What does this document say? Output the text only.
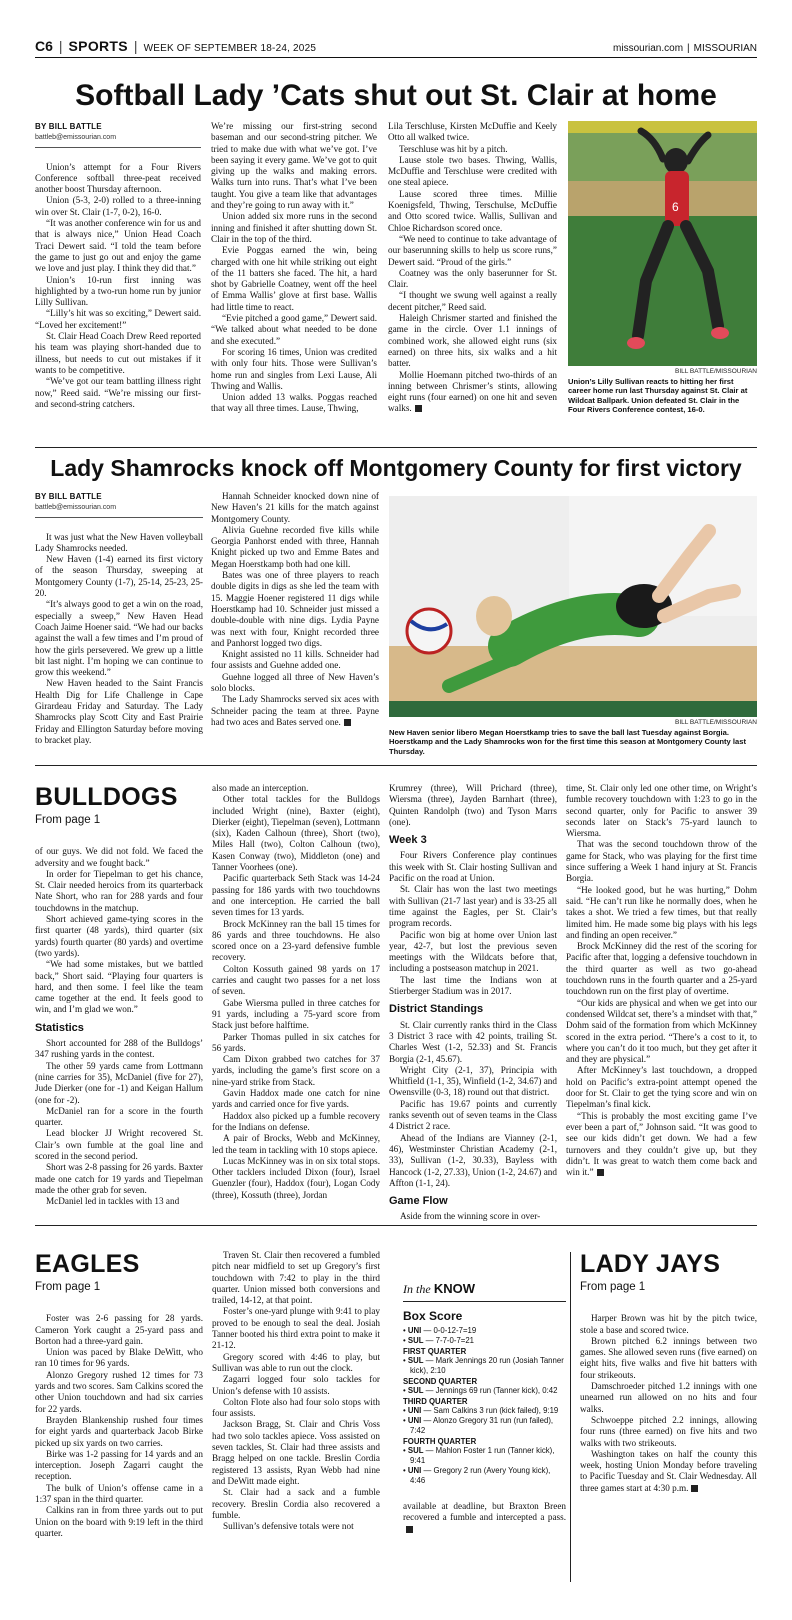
C6 | SPORTS | WEEK OF SEPTEMBER 18-24, 2025	missourian.com | MISSOURIAN
Softball Lady ’Cats shut out St. Clair at home
BY BILL BATTLE
battleb@emissourian.com

Union’s attempt for a Four Rivers Conference softball three-peat received another boost Thursday afternoon.

Union (5-3, 2-0) rolled to a three-inning win over St. Clair (1-7, 0-2), 16-0.

“It was another conference win for us and that is always nice,” Union Head Coach Traci Dewert said. “I told the team before the game to just go out and enjoy the game we love and just play. I think they did that.”

Union’s 10-run first inning was highlighted by a two-run home run by junior Lilly Sullivan.

“Lilly’s hit was so exciting,” Dewert said. “Loved her excitement!”

St. Clair Head Coach Drew Reed reported his team was playing short-handed due to illness, but needs to cut out mistakes if it wants to be competitive.

“We’ve got our team battling illness right now,” Reed said. “We’re missing our first- and second-string catchers.

We’re missing our first-string second baseman and our second-string pitcher. We tried to make due with what we’ve got. I’ve been saying it every game. We’ve got to quit giving up the walks and making errors. Walks turn into runs. That’s what I’ve been taught. You give a team like that advantages and they’re going to run away with it.”

Union added six more runs in the second inning and finished it after shutting down St. Clair in the top of the third.

Evie Poggas earned the win, being charged with one hit while striking out eight of the 11 batters she faced. The hit, a hard shot by Gabrielle Coatney, went off the heel of Emma Wallis’ glove at first base. Wallis had little time to react.

“Evie pitched a good game,” Dewert said. “We talked about what needed to be done and she executed.”

For scoring 16 times, Union was credited with only four hits. Those were Sullivan’s home run and singles from Lexi Lause, Ali Thwing and Wallis.

Union added 13 walks. Poggas reached that way all three times. Lause, Thwing,

Lila Terschluse, Kirsten McDuffie and Keely Otto all walked twice.

Terschluse was hit by a pitch.

Lause stole two bases. Thwing, Wallis, McDuffie and Terschluse were credited with one steal apiece.

Lause scored three times. Millie Koenigsfeld, Thwing, Terschulse, McDuffie and Otto scored twice. Wallis, Sullivan and Chloe Richardson scored once.

“We need to continue to take advantage of our baserunning skills to help us score runs,” Dewert said. “Proud of the girls.”

Coatney was the only baserunner for St. Clair.

“I thought we swung well against a really decent pitcher,” Reed said.

Haleigh Chrismer started and finished the game in the circle. Over 1.1 innings of combined work, she allowed eight runs (six earned) on three hits, six walks and a hit batter.

Mollie Hoemann pitched two-thirds of an inning between Chrismer’s stints, allowing eight runs (four earned) on one hit and seven walks.

6
BILL BATTLE/MISSOURIAN
Union’s Lilly Sullivan reacts to hitting her first career home run last Thursday against St. Clair at Wildcat Ballpark. Union defeated St. Clair in the Four Rivers Conference contest, 16-0.
Lady Shamrocks knock off Montgomery County for first victory
BY BILL BATTLE
battleb@emissourian.com

It was just what the New Haven volleyball Lady Shamrocks needed.

New Haven (1-4) earned its first victory of the season Thursday, sweeping at Montgomery County (1-7), 25-14, 25-23, 25-20.

“It’s always good to get a win on the road, especially a sweep,” New Haven Head Coach Jaime Hoener said. “We had our backs against the wall a few times and I’m proud of how the girls persevered. We grew up a little bit last night. I’m hoping we can continue to grow this weekend.”

New Haven headed to the Saint Francis Health Dig for Life Challenge in Cape Girardeau Friday and Saturday. The Lady Shamrocks play Scott City and East Prairie Friday and Ellington Saturday before moving to bracket play.

Hannah Schneider knocked down nine of New Haven’s 21 kills for the match against Montgomery County.

Alivia Guehne recorded five kills while Georgia Panhorst ended with three, Hannah Knight picked up two and Emme Bates and Megan Hoerstkamp both had one kill.

Bates was one of three players to reach double digits in digs as she led the team with 15. Maggie Hoener registered 11 digs while Hoerstkamp had 10. Schneider just missed a double-double with nine digs. Lydia Payne was next with four, Knight recorded three and Panhorst logged two digs.

Knight assisted no 11 kills. Schneider had four assists and Guehne added one.

Guehne logged all three of New Haven’s solo blocks.

The Lady Shamrocks served six aces with Schneider pacing the team at three. Payne had two aces and Bates served one.	BILL BATTLE/MISSOURIAN
New Haven senior libero Megan Hoerstkamp tries to save the ball last Tuesday against Borgia. Hoerstkamp and the Lady Shamrocks won for the first time this season at Montgomery County last Thursday.
BULLDOGS
From page 1

of our guys. We did not fold. We faced the adversity and we fought back.”

In order for Tiepelman to get his chance, St. Clair needed heroics from its quarterback Nate Short, who ran for 288 yards and four touchdowns in the matchup.

Short achieved game-tying scores in the first quarter (48 yards), third quarter (six yards) fourth quarter (80 yards) and overtime (two yards).

“We had some mistakes, but we battled back,” Short said. “Playing four quarters is hard, and then some. I feel like the team came together at the end. It feels good to win, and I’m glad we won.”

Statistics

Short accounted for 288 of the Bulldogs’ 347 rushing yards in the contest.

The other 59 yards came from Lottmann (nine carries for 35), McDaniel (five for 27), Jude Dierker (one for -1) and Keigan Hallum (one for -2).

McDaniel ran for a score in the fourth quarter.

Lead blocker JJ Wright recovered St. Clair’s own fumble at the goal line and scored in the second period.

Short was 2-8 passing for 26 yards. Baxter made one catch for 19 yards and Tiepelman made the other grab for seven.

McDaniel led in tackles with 13 and

also made an interception.

Other total tackles for the Bulldogs included Wright (nine), Baxter (eight), Dierker (eight), Tiepelman (seven), Lottmann (six), Kaden Calhoun (three), Short (two), Miles Hall (two), Colton Calhoun (two), Kasen Conway (two), Middleton (one) and Tanner Voorhees (one).

Pacific quarterback Seth Stack was 14-24 passing for 186 yards with two touchdowns and one interception. He carried the ball seven times for 13 yards.

Brock McKinney ran the ball 15 times for 86 yards and three touchdowns. He also scored once on a 23-yard defensive fumble recovery.

Colton Kossuth gained 98 yards on 17 carries and caught two passes for a net loss of seven.

Gabe Wiersma pulled in three catches for 91 yards, including a 75-yard score from Stack just before halftime.

Parker Thomas pulled in six catches for 56 yards.

Cam Dixon grabbed two catches for 37 yards, including the game’s first score on a nine-yard strike from Stack.

Gavin Haddox made one catch for nine yards and carried once for five yards.

Haddox also picked up a fumble recovery for the Indians on defense.

A pair of Brocks, Webb and McKinney, led the team in tackling with 10 stops apiece.

Lucas McKinney was in on six total stops. Other tacklers included Dixon (four), Israel Guenzler (four), Haddox (four), Logan Cody (three), Kossuth (three), Jordan

Krumrey (three), Will Prichard (three), Wiersma (three), Jayden Barnhart (three), Quinten Randolph (two) and Tyson Marrs (one).

Week 3

Four Rivers Conference play continues this week with St. Clair hosting Sullivan and Pacific on the road at Union.

St. Clair has won the last two meetings with Sullivan (21-7 last year) and is 33-25 all time against the Eagles, per St. Clair’s program records.

Pacific won big at home over Union last year, 42-7, but lost the previous seven meetings with the Wildcats before that, including a postseason matchup in 2021.

The last time the Indians won at Stierberger Stadium was in 2017.

District Standings

St. Clair currently ranks third in the Class 3 District 3 race with 42 points, trailing St. Charles West (1-2, 52.33) and St. Francis Borgia (2-1, 45.67).

Wright City (2-1, 37), Principia with Whitfield (1-1, 35), Winfield (1-2, 34.67) and Owensville (0-3, 18) round out that district.

Pacific has 19.67 points and currently ranks seventh out of seven teams in the Class 4 District 2 race.

Ahead of the Indians are Vianney (2-1, 46), Westminster Christian Academy (2-1, 33), Sullivan (1-2, 30.33), Bayless with Hancock (1-2, 27.33), Union (1-2, 24.67) and Affton (1-1, 24).

Game Flow

Aside from the winning score in over-

time, St. Clair only led one other time, on Wright’s fumble recovery touchdown with 1:23 to go in the second quarter, only for Pacific to answer 39 seconds later on Stack’s 75-yard launch to Wiersma.

That was the second touchdown throw of the game for Stack, who was playing for the first time since suffering a Week 1 hand injury at St. Francis Borgia.

“He looked good, but he was hurting,” Dohm said. “He can’t run like he normally does, when he takes a shot. We tried a few times, but that really limited him. He made some big plays with his legs and finding an open receiver.”

Brock McKinney did the rest of the scoring for Pacific after that, logging a defensive touchdown in the third quarter as well as two go-ahead touchdown runs in the fourth quarter and a 25-yard touchdown run on the first play of overtime.

“Our kids are physical and when we get into our condensed Wildcat set, there’s a mindset with that,” Dohm said of the formation from which McKinney scored in the extra period. “There’s a cost to it, to where you can’t do it too much, but they get after it and they are physical.”

After McKinney’s last touchdown, a dropped hold on Pacific’s extra-point attempt opened the door for St. Clair to get the tying score and win on Tiepelman’s final kick.

“This is probably the most exciting game I’ve ever been a part of,” Johnson said. “It was good to see our kids didn’t get down. We had a few turnovers and they couldn’t give up, but they didn’t. It was great to watch them come back and win it.”

EAGLES
From page 1

Foster was 2-6 passing for 28 yards. Cameron York caught a 25-yard pass and Borton had a three-yard gain.

Union was paced by Blake DeWitt, who ran 10 times for 96 yards.

Alonzo Gregory rushed 12 times for 73 yards and two scores. Sam Calkins scored the other Union touchdown and had six carries for 22 yards.

Brayden Blankenship rushed four times for eight yards and quarterback Jacob Birke picked up six yards on two carries.

Birke was 1-2 passing for 14 yards and an interception. Joseph Zagarri caught the reception.

The bulk of Union’s offense came in a 1:37 span in the third quarter.

Calkins ran in from three yards out to put Union on the board with 9:19 left in the third quarter.

Traven St. Clair then recovered a fumbled pitch near midfield to set up Gregory’s first touchdown with 7:42 to play in the third quarter. Union missed both conversions and trailed, 14-12, at that point.

Foster’s one-yard plunge with 9:41 to play proved to be enough to seal the deal. Josiah Tanner booted his third extra point to make it 21-12.

Gregory scored with 4:46 to play, but Sullivan was able to run out the clock.

Zagarri logged four solo tackles for Union’s defense with 10 assists.

Colton Flote also had four solo stops with four assists.

Jackson Bragg, St. Clair and Chris Voss had two solo tackles apiece. Voss assisted on seven tackles, St. Clair had three assists and Bragg helped on one tackle. Breslin Cordia registered 13 assists, Ryan Webb had nine and DeWitt made eight.

St. Clair had a sack and a fumble recovery. Breslin Cordia also recovered a fumble.

Sullivan’s defensive totals were not

In the KNOW
Box Score
• UNI — 0-0-12-7=19
• SUL — 7-7-0-7=21
FIRST QUARTER
• SUL — Mark Jennings 20 run (Josiah Tanner kick), 2:10
SECOND QUARTER
• SUL — Jennings 69 run (Tanner kick), 0:42
THIRD QUARTER
• UNI — Sam Calkins 3 run (kick failed), 9:19
• UNI — Alonzo Gregory 31 run (run failed), 7:42
FOURTH QUARTER
• SUL — Mahlon Foster 1 run (Tanner kick), 9:41
• UNI — Gregory 2 run (Avery Young kick), 4:46

available at deadline, but Braxton Breen recovered a fumble and intercepted a pass.

LADY JAYS
From page 1

Harper Brown was hit by the pitch twice, stole a base and scored twice.

Brown pitched 6.2 innings between two games. She allowed seven runs (five earned) on eight hits, five walks and five hit batters with four strikeouts.

Damschroeder pitched 1.2 innings with one unearned run allowed on no hits and four walks.

Schwoeppe pitched 2.2 innings, allowing four runs (three earned) on five hits and two walks with two strikeouts.

Washington takes on half the county this week, hosting Union Monday before traveling to Pacific Tuesday and St. Clair Wednesday. All three games start at 4:30 p.m.
